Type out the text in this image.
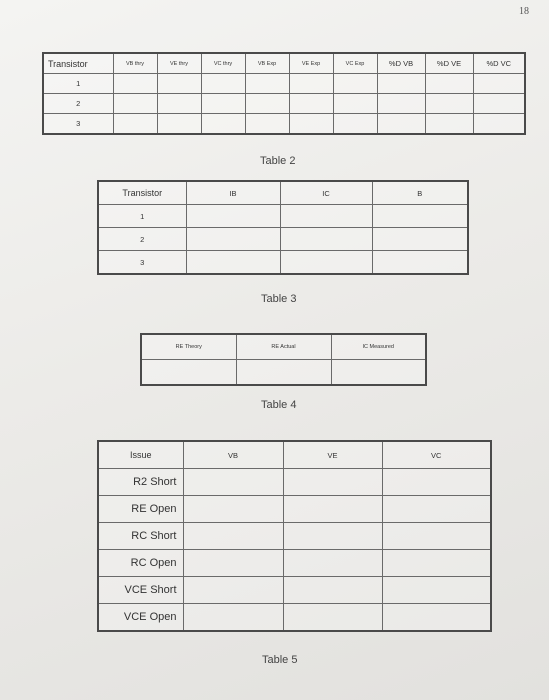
18
Transistor	VB thry	VE thry	VC thry	VB Exp	VE Exp	VC Exp	%D VB	%D VE	%D VC
1									
2									
3									
Table 2
Transistor	IB	IC	B
1			
2			
3			
Table 3
RE Theory	RE Actual	IC Measured

Table 4
Issue	VB	VE	VC
R2 Short			
RE Open			
RC Short			
RC Open			
VCE Short			
VCE Open			
Table 5
